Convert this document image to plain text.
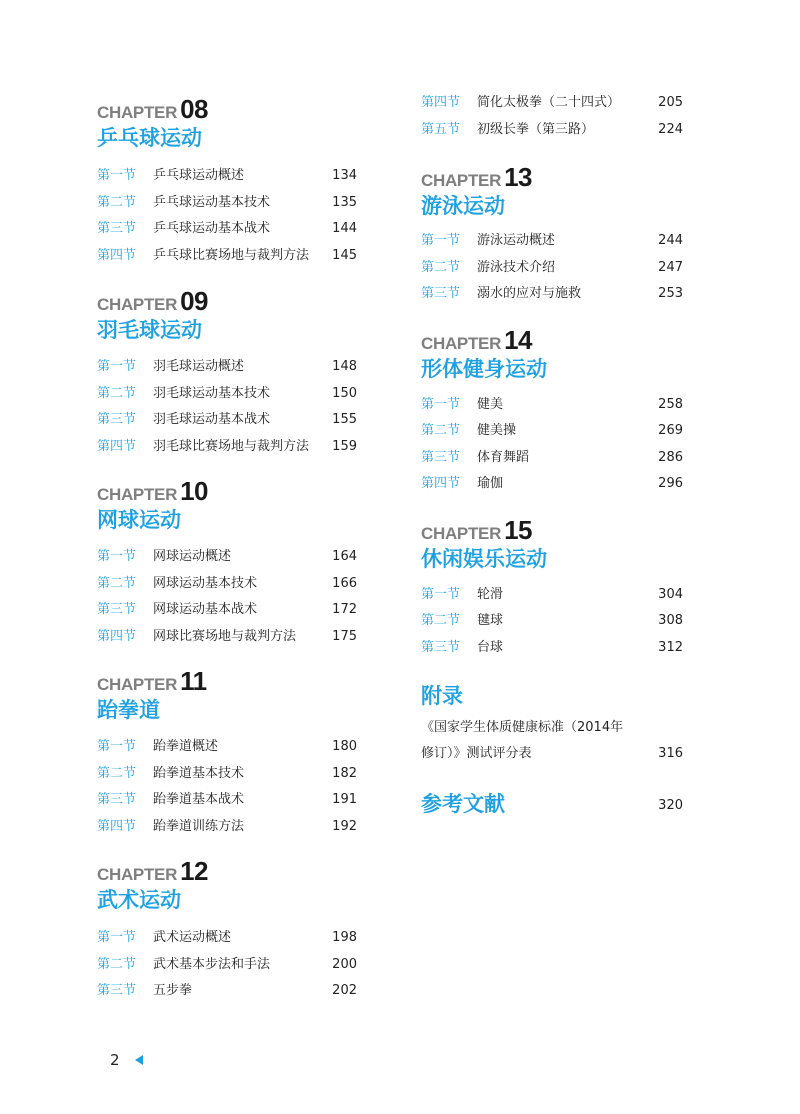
CHAPTER 08
乒乓球运动
第一节 乒乓球运动概述	134
第二节 乒乓球运动基本技术	135
第三节 乒乓球运动基本战术	144
第四节 乒乓球比赛场地与裁判方法 145
CHAPTER 09
羽毛球运动
第一节 羽毛球运动概述	148
第二节 羽毛球运动基本技术	150
第三节 羽毛球运动基本战术	155
第四节 羽毛球比赛场地与裁判方法 159
CHAPTER 10
网球运动
第一节 网球运动概述	164
第二节 网球运动基本技术	166
第三节 网球运动基本战术	172
第四节 网球比赛场地与裁判方法	175
CHAPTER 11
跆拳道
第一节 跆拳道概述	180
第二节 跆拳道基本技术	182
第三节 跆拳道基本战术	191
第四节 跆拳道训练方法	192
CHAPTER 12
武术运动
第一节 武术运动概述	198
第二节 武术基本步法和手法	200
第三节 五步拳	202
第四节 简化太极拳（二十四式）	205
第五节 初级长拳（第三路）	224
CHAPTER 13
游泳运动
第一节 游泳运动概述	244
第二节 游泳技术介绍	247
第三节 溺水的应对与施救	253
CHAPTER 14
形体健身运动
第一节 健美	258
第二节 健美操	269
第三节 体育舞蹈	286
第四节 瑜伽	296
CHAPTER 15
休闲娱乐运动
第一节 轮滑	304
第二节 毽球	308
第三节 台球	312
附录
《国家学生体质健康标准（2014年
修订）》测试评分表	316
参考文献	320
2
